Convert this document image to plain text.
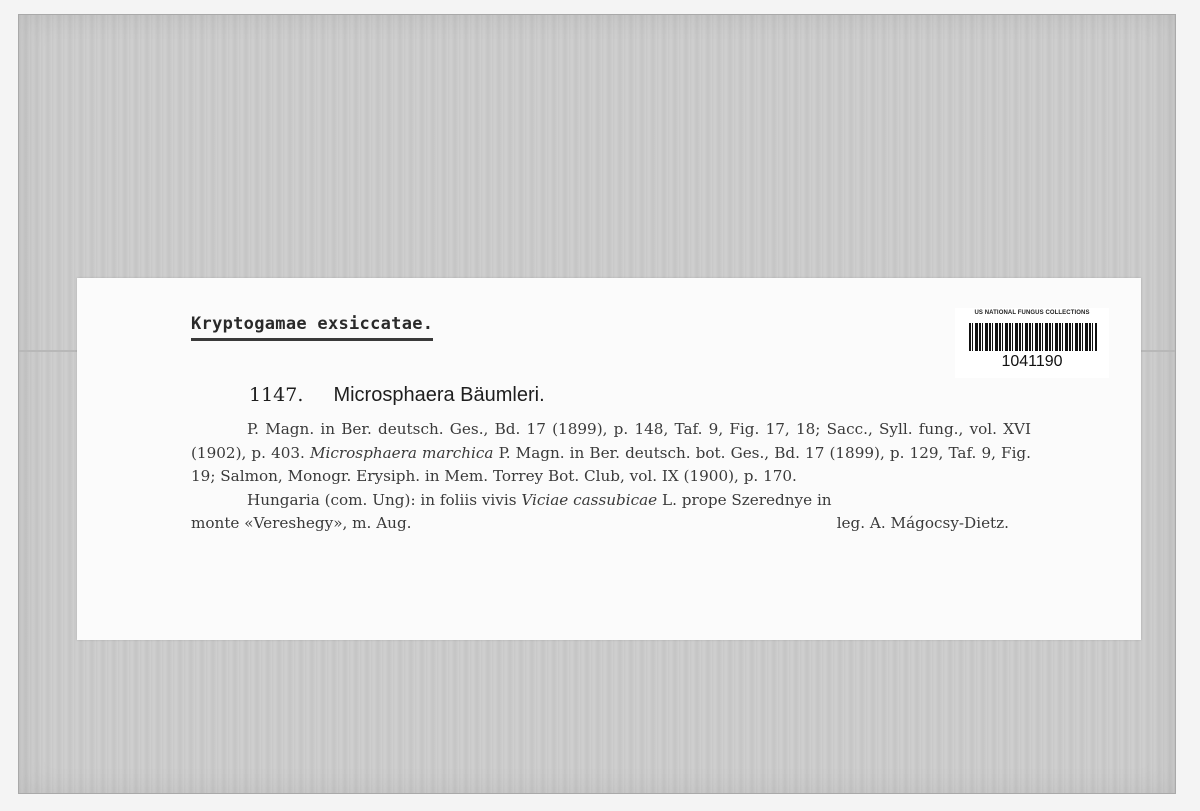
Kryptogamae exsiccatae.
US NATIONAL FUNGUS COLLECTIONS
1041190
1147. Microsphaera Bäumleri.

P. Magn. in Ber. deutsch. Ges., Bd. 17 (1899), p. 148, Taf. 9, Fig. 17, 18; Sacc., Syll. fung., vol. XVI (1902), p. 403. Microsphaera marchica P. Magn. in Ber. deutsch. bot. Ges., Bd. 17 (1899), p. 129, Taf. 9, Fig. 19; Salmon, Monogr. Erysiph. in Mem. Torrey Bot. Club, vol. IX (1900), p. 170.

Hungaria (com. Ung): in foliis vivis Viciae cassubicae L. prope Szerednye in

monte «Vereshegy», m. Aug.	leg. A. Mágocsy-Dietz.
